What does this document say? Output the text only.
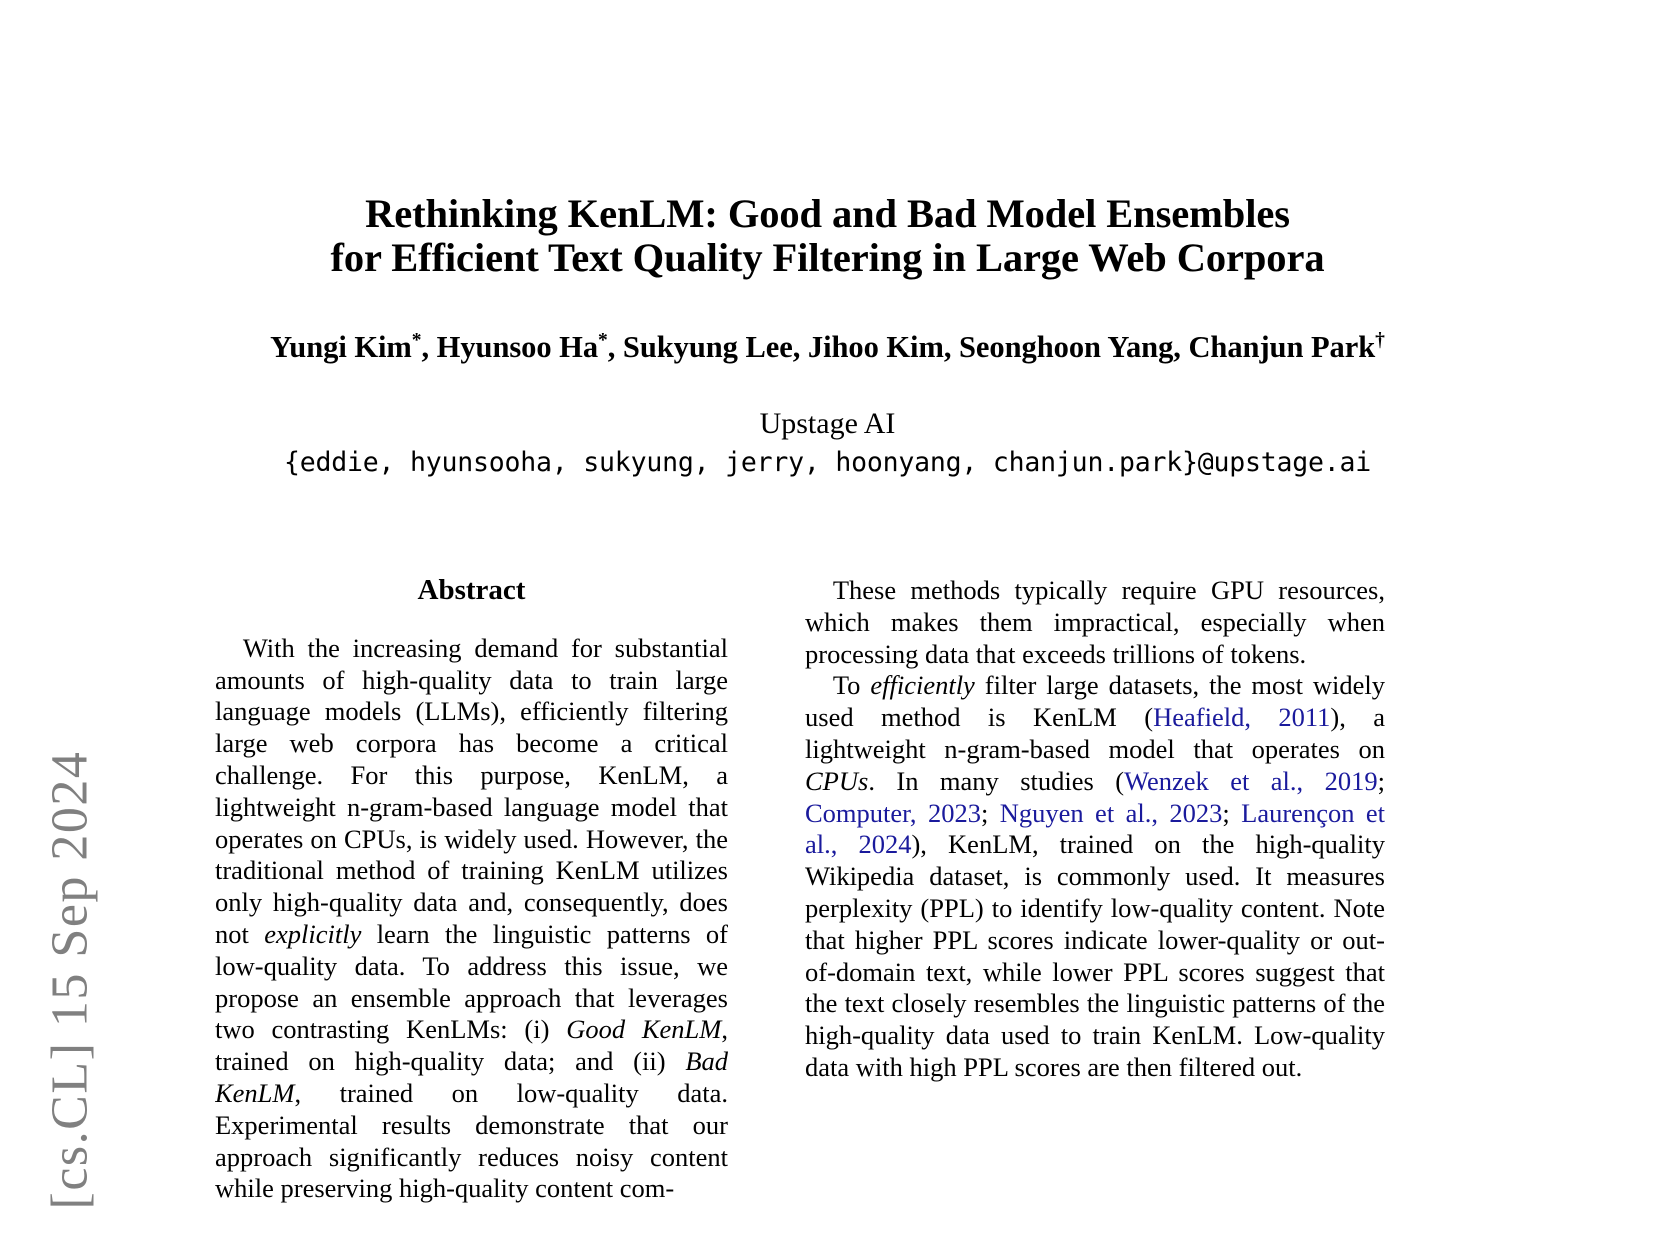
[cs.CL] 15 Sep 2024
Rethinking KenLM: Good and Bad Model Ensembles
for Efficient Text Quality Filtering in Large Web Corpora
Yungi Kim*, Hyunsoo Ha*, Sukyung Lee, Jihoo Kim, Seonghoon Yang, Chanjun Park†
Upstage AI
{eddie, hyunsooha, sukyung, jerry, hoonyang, chanjun.park}@upstage.ai
Abstract

With the increasing demand for substantial amounts of high-quality data to train large language models (LLMs), efficiently filtering large web corpora has become a critical challenge. For this purpose, KenLM, a lightweight n-gram-based language model that operates on CPUs, is widely used. However, the traditional method of training KenLM utilizes only high-quality data and, consequently, does not explicitly learn the linguistic patterns of low-quality data. To address this issue, we propose an ensemble approach that leverages two contrasting KenLMs: (i) Good KenLM, trained on high-quality data; and (ii) Bad KenLM, trained on low-quality data. Experimental results demonstrate that our approach significantly reduces noisy content while preserving high-quality content com-

These methods typically require GPU resources, which makes them impractical, especially when processing data that exceeds trillions of tokens.

To efficiently filter large datasets, the most widely used method is KenLM (Heafield, 2011), a lightweight n-gram-based model that operates on CPUs. In many studies (Wenzek et al., 2019; Computer, 2023; Nguyen et al., 2023; Laurençon et al., 2024), KenLM, trained on the high-quality Wikipedia dataset, is commonly used. It measures perplexity (PPL) to identify low-quality content. Note that higher PPL scores indicate lower-quality or out-of-domain text, while lower PPL scores suggest that the text closely resembles the linguistic patterns of the high-quality data used to train KenLM. Low-quality data with high PPL scores are then filtered out.
